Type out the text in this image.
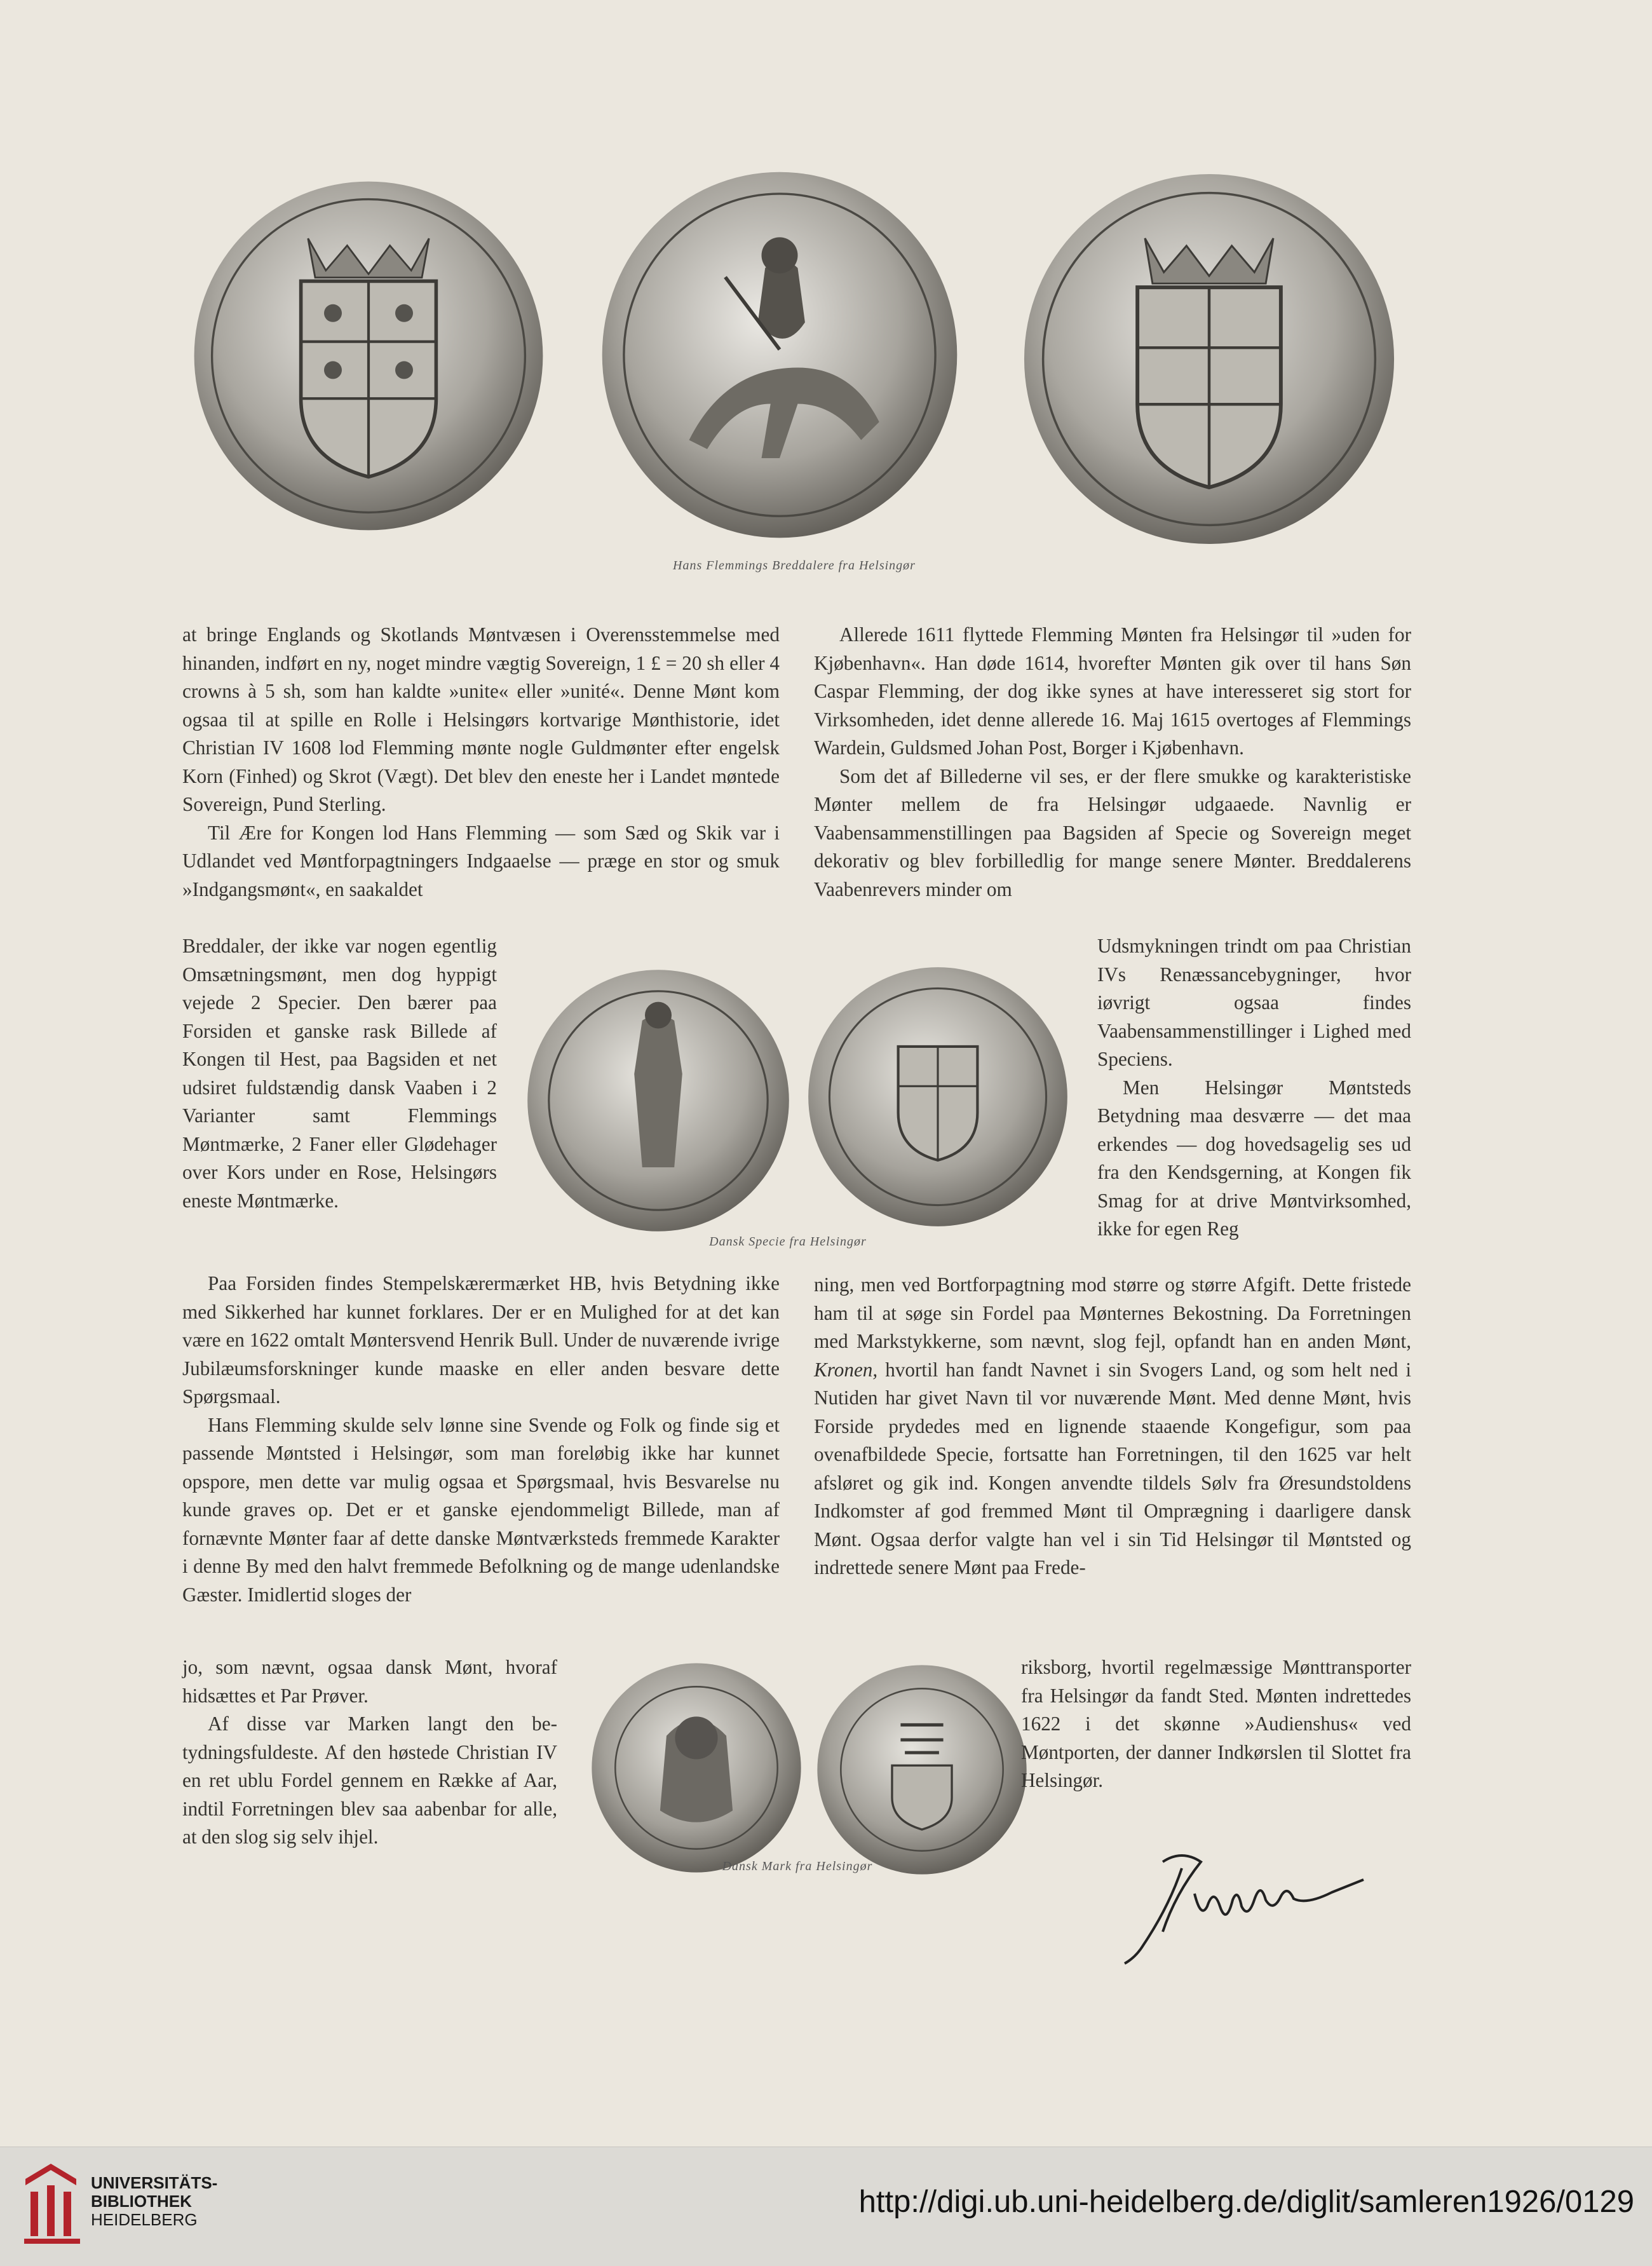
Hans Flemmings Breddalere fra Helsingør

at bringe Englands og Skotlands Møntvæsen i Overensstemmelse med hinanden, indført en ny, noget mindre vægtig Sovereign, 1 £ = 20 sh eller 4 crowns à 5 sh, som han kaldte »unite« eller »unité«. Denne Mønt kom ogsaa til at spille en Rolle i Helsingørs kortvarige Mønthistorie, idet Christian IV 1608 lod Flemming mønte nogle Guldmønter efter engelsk Korn (Finhed) og Skrot (Vægt). Det blev den eneste her i Landet møntede Sovereign, Pund Sterling.

Til Ære for Kongen lod Hans Flemming — som Sæd og Skik var i Udlandet ved Møntforpagtningers Indgaaelse — præge en stor og smuk »Indgangsmønt«, en saakaldet

Breddaler, der ikke var nogen egentlig Omsætningsmønt, men dog hyppigt vejede 2 Specier. Den bærer paa Forsiden et ganske rask Billede af Kongen til Hest, paa Bagsiden et net udsiret fuldstændig dansk Vaaben i 2 Varianter samt Flemmings Møntmærke, 2 Faner eller Glødehager over Kors under en Rose, Helsingørs eneste Møntmærke.

Dansk Specie fra Helsingør

Paa Forsiden findes Stempelskærermærket HB, hvis Betydning ikke med Sikkerhed har kunnet forklares. Der er en Mulighed for at det kan være en 1622 omtalt Møntersvend Henrik Bull. Under de nuværende ivrige Jubilæumsforskninger kunde maaske en eller anden besvare dette Spørgsmaal.

Hans Flemming skulde selv lønne sine Svende og Folk og finde sig et passende Møntsted i Helsingør, som man foreløbig ikke har kunnet opspore, men dette var mulig ogsaa et Spørgsmaal, hvis Besvarelse nu kunde graves op. Det er et ganske ejendommeligt Billede, man af fornævnte Mønter faar af dette danske Møntværksteds fremmede Karakter i denne By med den halvt fremmede Befolkning og de mange udenlandske Gæster. Imidlertid sloges der

jo, som nævnt, ogsaa dansk Mønt, hvoraf hidsættes et Par Prøver.

Af disse var Marken langt den betydningsfuldeste. Af den høstede Christian IV en ret ublu Fordel gennem en Række af Aar, indtil Forretningen blev saa aabenbar for alle, at den slog sig selv ihjel.

Dansk Mark fra Helsingør

Allerede 1611 flyttede Flemming Mønten fra Helsingør til »uden for Kjøbenhavn«. Han døde 1614, hvorefter Mønten gik over til hans Søn Caspar Flemming, der dog ikke synes at have interesseret sig stort for Virksomheden, idet denne allerede 16. Maj 1615 overtoges af Flemmings Wardein, Guldsmed Johan Post, Borger i Kjøbenhavn.

Som det af Billederne vil ses, er der flere smukke og karakteristiske Mønter mellem de fra Helsingør udgaaede. Navnlig er Vaabensammenstillingen paa Bagsiden af Specie og Sovereign meget dekorativ og blev forbilledlig for mange senere Mønter. Breddalerens Vaabenrevers minder om

Udsmykningen trindt om paa Christian IVs Renæssancebygninger, hvor iøvrigt ogsaa findes Vaabensammenstillinger i Lighed med Speciens.

Men Helsingør Møntsteds Betydning maa desværre — det maa erkendes — dog hovedsagelig ses ud fra den Kendsgerning, at Kongen fik Smag for at drive Møntvirksomhed, ikke for egen Reg

ning, men ved Bortforpagtning mod større og større Afgift. Dette fristede ham til at søge sin Fordel paa Mønternes Bekostning. Da Forretningen med Markstykkerne, som nævnt, slog fejl, opfandt han en anden Mønt, Kronen, hvortil han fandt Navnet i sin Svogers Land, og som helt ned i Nutiden har givet Navn til vor nuværende Mønt. Med denne Mønt, hvis Forside prydedes med en lignende staaende Kongefigur, som paa ovenafbildede Specie, fortsatte han Forretningen, til den 1625 var helt afsløret og gik ind. Kongen anvendte tildels Sølv fra Øresundstoldens Indkomster af god fremmed Mønt til Omprægning i daarligere dansk Mønt. Ogsaa derfor valgte han vel i sin Tid Helsingør til Møntsted og indrettede senere Mønt paa Frede-

riksborg, hvortil regelmæssige Mønttransporter fra Helsingør da fandt Sted. Mønten indrettedes 1622 i det skønne »Audienshus« ved Møntporten, der danner Indkørslen til Slottet fra Helsingør.

UNIVERSITÄTS-
BIBLIOTHEK
HEIDELBERG
http://digi.ub.uni-heidelberg.de/diglit/samleren1926/0129
